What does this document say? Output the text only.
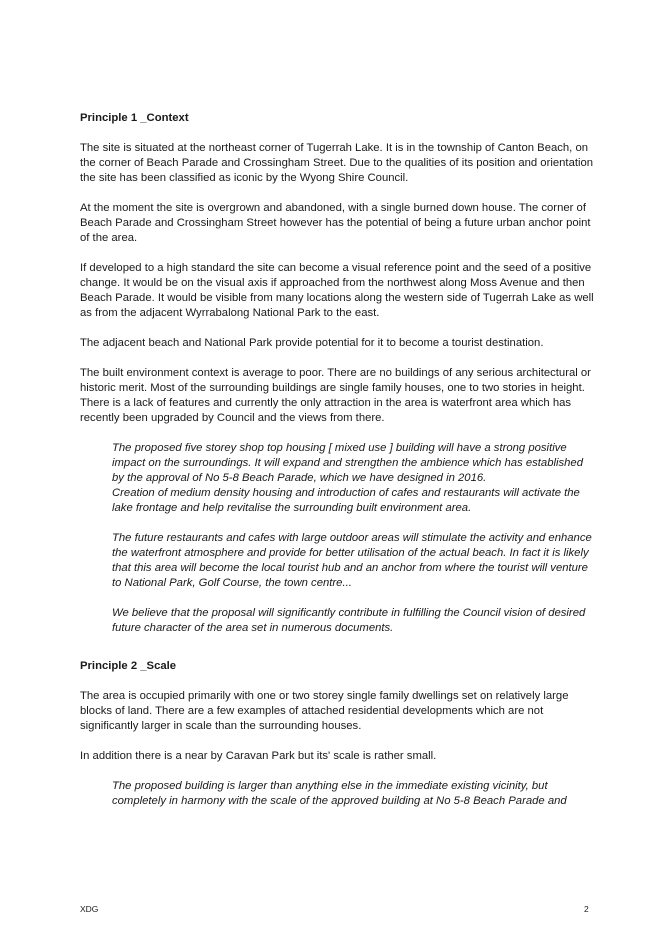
Principle 1 _Context

The site is situated at the northeast corner of Tugerrah Lake. It is in the township of Canton Beach, on the corner of Beach Parade and Crossingham Street. Due to the qualities of its position and orientation the site has been classified as iconic by the Wyong Shire Council.

At the moment the site is overgrown and abandoned, with a single burned down house. The corner of Beach Parade and Crossingham Street however has the potential of being a future urban anchor point of the area.

If developed to a high standard the site can become a visual reference point and the seed of a positive change. It would be on the visual axis if approached from the northwest along Moss Avenue and then Beach Parade. It would be visible from many locations along the western side of Tugerrah Lake as well as from the adjacent Wyrrabalong National Park to the east.

The adjacent beach and National Park provide potential for it to become a tourist destination.

The built environment context is average to poor. There are no buildings of any serious architectural or historic merit. Most of the surrounding buildings are single family houses, one to two stories in height. There is a lack of features and currently the only attraction in the area is waterfront area which has recently been upgraded by Council and the views from there.

The proposed five storey shop top housing [ mixed use ] building will have a strong positive impact on the surroundings. It will expand and strengthen the ambience which has established by the approval of No 5-8 Beach Parade, which we have designed in 2016.

Creation of medium density housing and introduction of cafes and restaurants will activate the lake frontage and help revitalise the surrounding built environment area.

The future restaurants and cafes with large outdoor areas will stimulate the activity and enhance the waterfront atmosphere and provide for better utilisation of the actual beach. In fact it is likely that this area will become the local tourist hub and an anchor from where the tourist will venture to National Park, Golf Course, the town centre...

We believe that the proposal will significantly contribute in fulfilling the Council vision of desired future character of the area set in numerous documents.

Principle 2 _Scale

The area is occupied primarily with one or two storey single family dwellings set on relatively large blocks of land. There are a few examples of attached residential developments which are not significantly larger in scale than the surrounding houses.

In addition there is a near by Caravan Park but its' scale is rather small.

The proposed building is larger than anything else in the immediate existing vicinity, but completely in harmony with the scale of the approved building at No 5-8 Beach Parade and

XDG	2
